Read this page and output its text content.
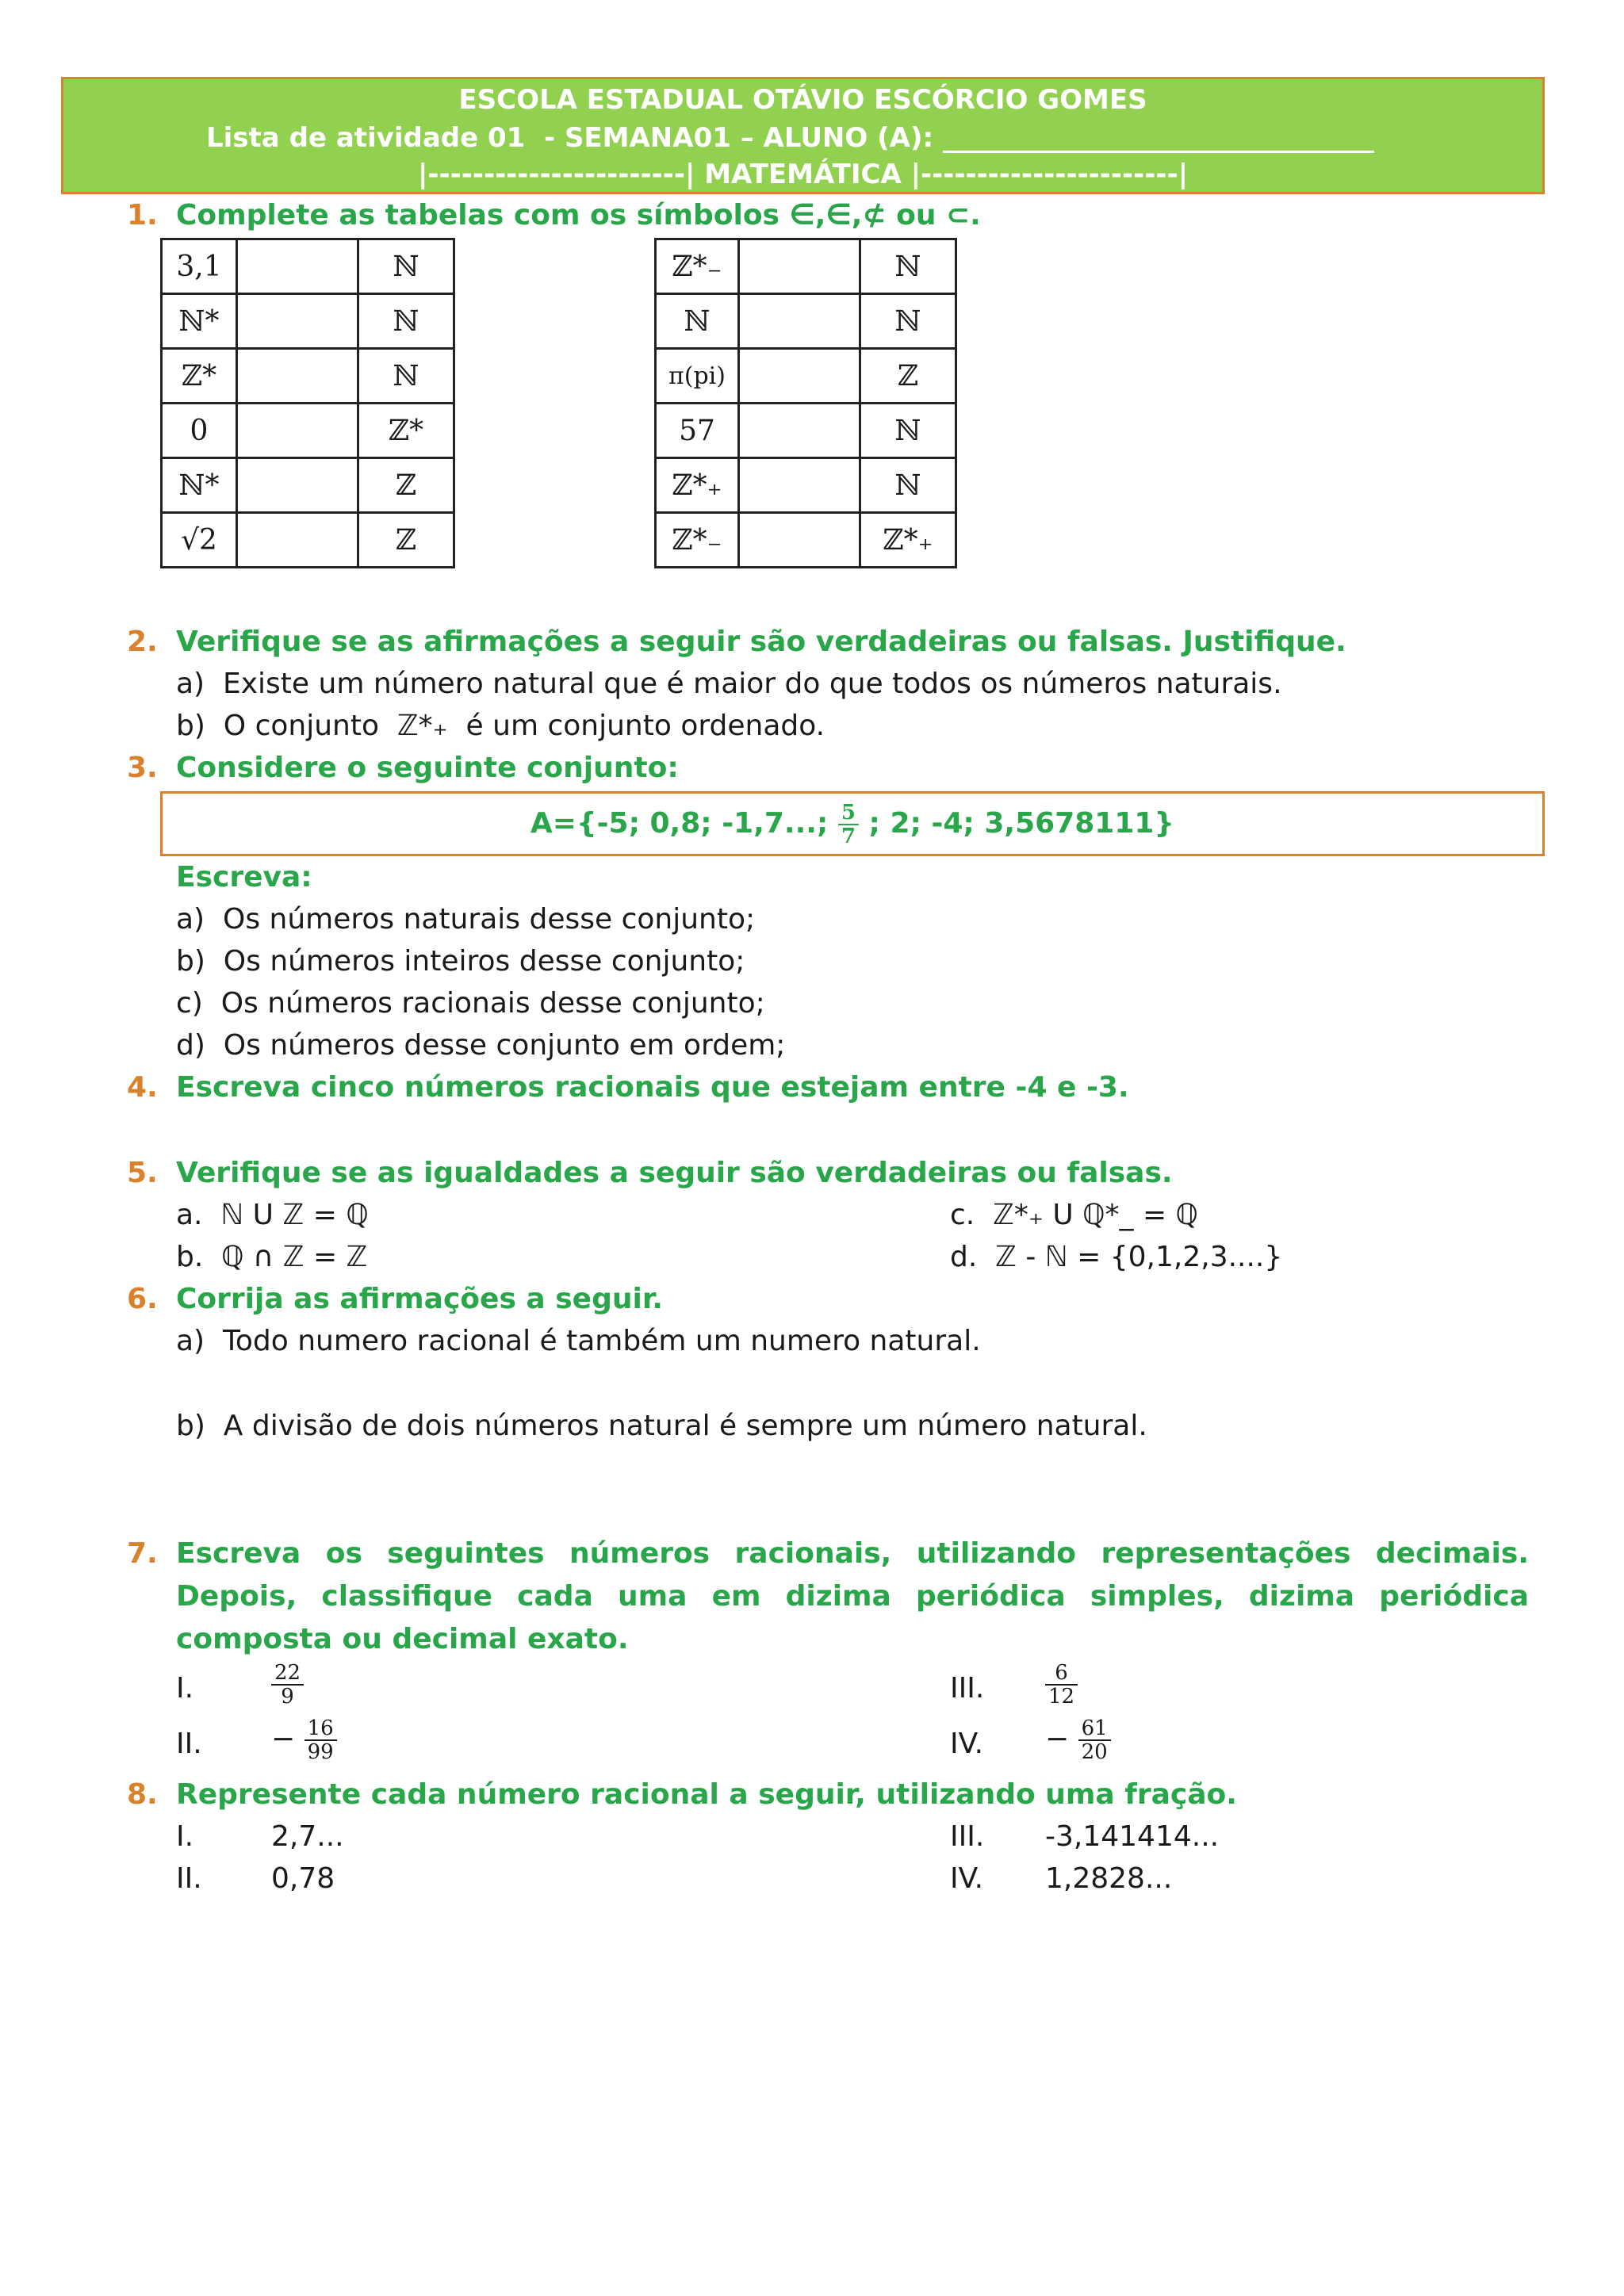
ESCOLA ESTADUAL OTÁVIO ESCÓRCIO GOMES
Lista de atividade 01  - SEMANA01 – ALUNO (A): ________________________________
|-----------------------| MATEMÁTICA |-----------------------|
1. Complete as tabelas com os símbolos ∈,∈,⊄ ou ⊂.
3,1		ℕ
ℕ*		ℕ
ℤ*		ℕ
0		ℤ*
ℕ*		ℤ
√2		ℤ
ℤ*₋		ℕ
ℕ		ℕ
π(pi)		ℤ
57		ℕ
ℤ*₊		ℕ
ℤ*₋		ℤ*₊
2. Verifique se as afirmações a seguir são verdadeiras ou falsas. Justifique.
a)  Existe um número natural que é maior do que todos os números naturais.
b)  O conjunto  ℤ*₊  é um conjunto ordenado.
3. Considere o seguinte conjunto:
A={-5; 0,8; -1,7...; $\frac{5}{7}$ ; 2; -4; 3,5678111}
Escreva:
a)  Os números naturais desse conjunto;
b)  Os números inteiros desse conjunto;
c)  Os números racionais desse conjunto;
d)  Os números desse conjunto em ordem;
4. Escreva cinco números racionais que estejam entre -4 e -3.
5. Verifique se as igualdades a seguir são verdadeiras ou falsas.
a.  ℕ U ℤ = ℚ
b.  ℚ ∩ ℤ = ℤ
c.  ℤ*₊ U ℚ*_ = ℚ
d.  ℤ - ℕ = {0,1,2,3....}
6. Corrija as afirmações a seguir.
a)  Todo numero racional é também um numero natural.
b)  A divisão de dois números natural é sempre um número natural.
7. Escreva os seguintes números racionais, utilizando representações decimais. Depois, classifique cada uma em dizima periódica simples, dizima periódica composta ou decimal exato.
I.	$\frac{22}{9}$
II. − $\frac{16}{99}$
III.	$\frac{6}{12}$
IV. − $\frac{61}{20}$
8. Represente cada número racional a seguir, utilizando uma fração.
I.	2,7...
II. 0,78
III. -3,141414...
IV. 1,2828...
